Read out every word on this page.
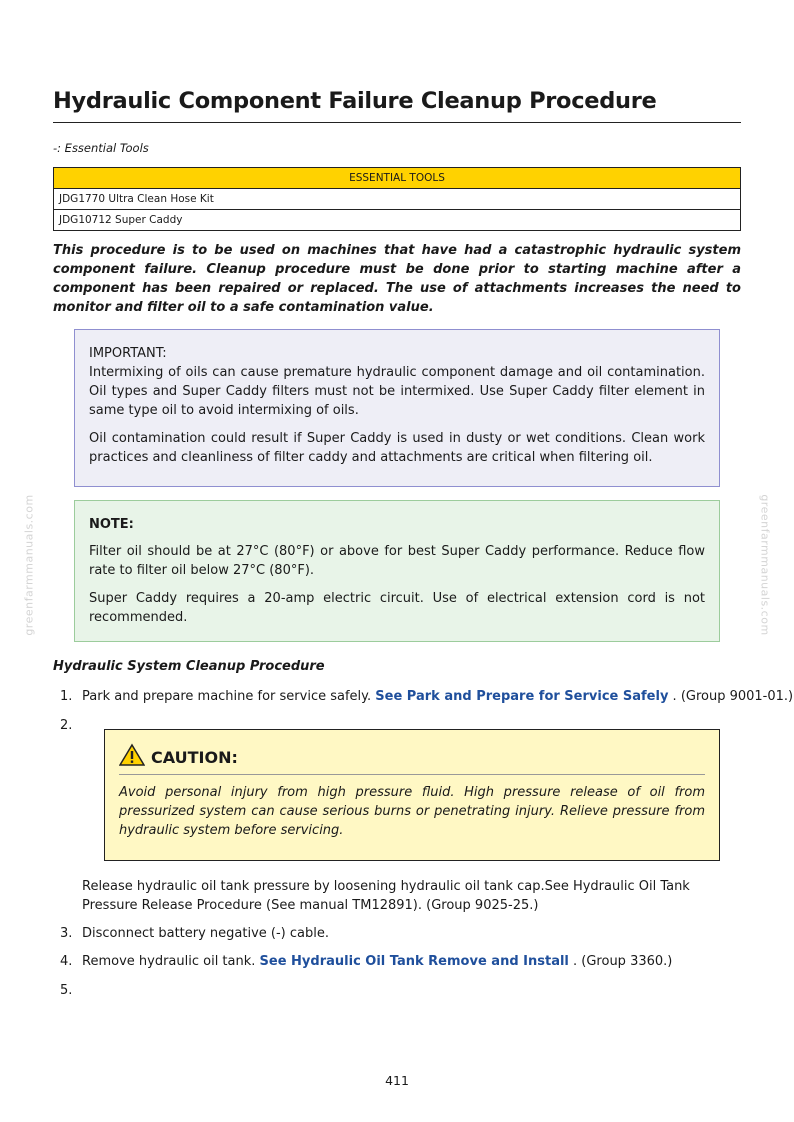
Hydraulic Component Failure Cleanup Procedure
-: Essential Tools
ESSENTIAL TOOLS
JDG1770 Ultra Clean Hose Kit
JDG10712 Super Caddy

This procedure is to be used on machines that have had a catastrophic hydraulic system component failure. Cleanup procedure must be done prior to starting machine after a component has been repaired or replaced. The use of attachments increases the need to monitor and filter oil to a safe contamination value.

IMPORTANT:

Intermixing of oils can cause premature hydraulic component damage and oil contamination. Oil types and Super Caddy filters must not be intermixed. Use Super Caddy filter element in same type oil to avoid intermixing of oils.

Oil contamination could result if Super Caddy is used in dusty or wet conditions. Clean work practices and cleanliness of filter caddy and attachments are critical when filtering oil.

NOTE:

Filter oil should be at 27°C (80°F) or above for best Super Caddy performance. Reduce flow rate to filter oil below 27°C (80°F).

Super Caddy requires a 20-amp electric circuit. Use of electrical extension cord is not recommended.

Hydraulic System Cleanup Procedure
1. Park and prepare machine for service safely. See Park and Prepare for Service Safely . (Group 9001-01.)
2.
CAUTION:

Avoid personal injury from high pressure fluid. High pressure release of oil from pressurized system can cause serious burns or penetrating injury. Relieve pressure from hydraulic system before servicing.

Release hydraulic oil tank pressure by loosening hydraulic oil tank cap.See Hydraulic Oil Tank Pressure Release Procedure (See manual TM12891). (Group 9025-25.)

3. Disconnect battery negative (-) cable.
4. Remove hydraulic oil tank. See Hydraulic Oil Tank Remove and Install . (Group 3360.)
5.
greenfarmmanuals.com	greenfarmmanuals.com
411
